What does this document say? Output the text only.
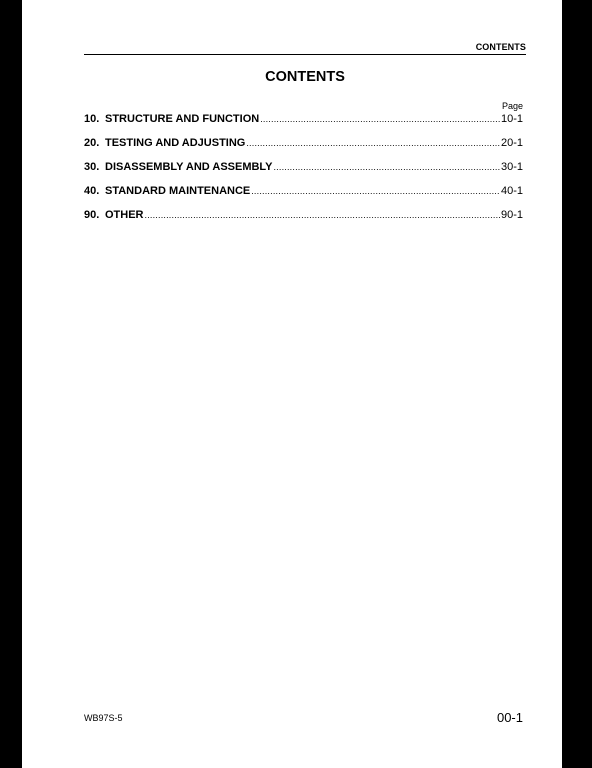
CONTENTS
CONTENTS
Page
10. STRUCTURE AND FUNCTION .....	10-1
20. TESTING AND ADJUSTING .....	20-1
30. DISASSEMBLY AND ASSEMBLY .....	30-1
40. STANDARD MAINTENANCE .....	40-1
90. OTHER .....	90-1
WB97S-5	00-1
